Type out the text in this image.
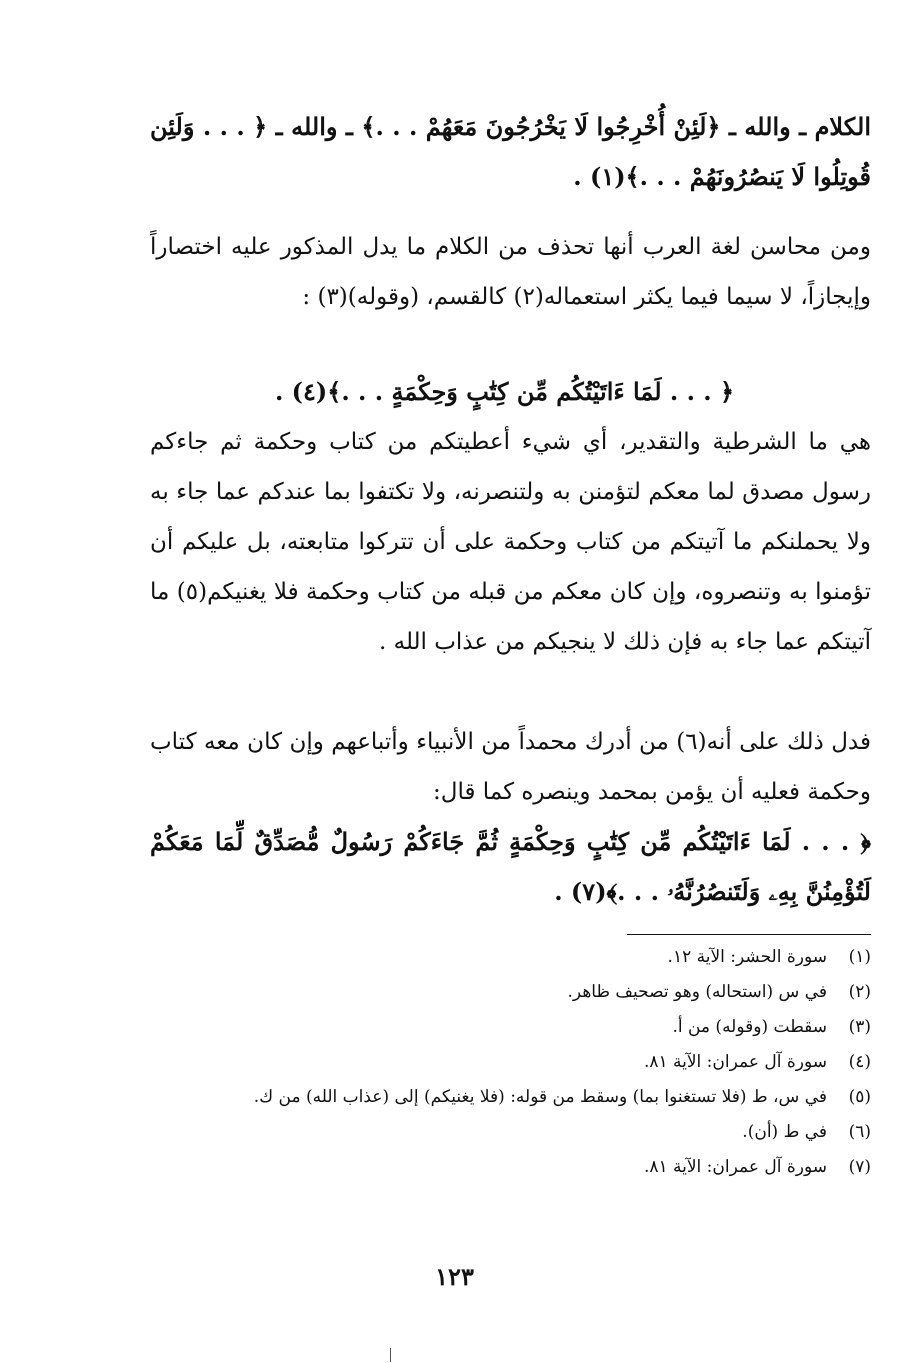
الكلام ـ والله ـ ﴿لَئِنْ أُخْرِجُوا لَا يَخْرُجُونَ مَعَهُمْ . . .﴾ ـ والله ـ ﴿ . . . وَلَئِن قُوتِلُوا لَا يَنصُرُونَهُمْ . . .﴾(١) .
ومن محاسن لغة العرب أنها تحذف من الكلام ما يدل المذكور عليه اختصاراً وإيجازاً، لا سيما فيما يكثر استعماله(٢) كالقسم، (وقوله)(٣) :
﴿ . . . لَمَا ءَاتَيْتُكُم مِّن كِتَٰبٍ وَحِكْمَةٍ . . .﴾(٤) .
هي ما الشرطية والتقدير، أي شيء أعطيتكم من كتاب وحكمة ثم جاءكم رسول مصدق لما معكم لتؤمنن به ولتنصرنه، ولا تكتفوا بما عندكم عما جاء به ولا يحملنكم ما آتيتكم من كتاب وحكمة على أن تتركوا متابعته، بل عليكم أن تؤمنوا به وتنصروه، وإن كان معكم من قبله من كتاب وحكمة فلا يغنيكم(٥) ما آتيتكم عما جاء به فإن ذلك لا ينجيكم من عذاب الله .
فدل ذلك على أنه(٦) من أدرك محمداً من الأنبياء وأتباعهم وإن كان معه كتاب وحكمة فعليه أن يؤمن بمحمد وينصره كما قال:
﴿ . . . لَمَا ءَاتَيْتُكُم مِّن كِتَٰبٍ وَحِكْمَةٍ ثُمَّ جَاءَكُمْ رَسُولٌ مُّصَدِّقٌ لِّمَا مَعَكُمْ لَتُؤْمِنُنَّ بِهِۦ وَلَتَنصُرُنَّهُۥ . . .﴾(٧) .
(١)
سورة الحشر: الآية ١٢.
(٢)
في س (استحاله) وهو تصحيف ظاهر.
(٣)
سقطت (وقوله) من أ.
(٤)
سورة آل عمران: الآية ٨١.
(٥)
في س، ط (فلا تستغنوا بما) وسقط من قوله: (فلا يغنيكم) إلى (عذاب الله) من ك.
(٦)
في ط (أن).
(٧)
سورة آل عمران: الآية ٨١.
١٢٣
